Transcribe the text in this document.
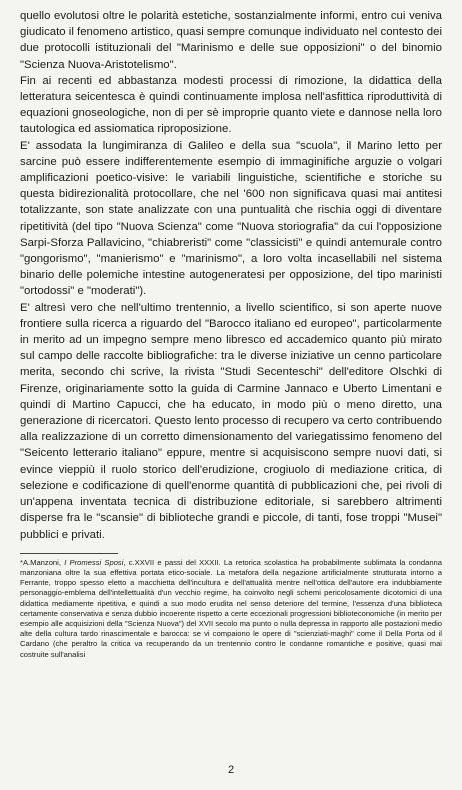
quello evolutosi oltre le polarità estetiche, sostanzialmente informi, entro cui veniva giudicato il fenomeno artistico, quasi sempre comunque individuato nel contesto dei due protocolli istituzionali del "Marinismo e delle sue opposizioni" o del binomio "Scienza Nuova-Aristotelismo".

Fin ai recenti ed abbastanza modesti processi di rimozione, la didattica della letteratura seicentesca è quindi continuamente implosa nell'asfittica riproduttività di equazioni gnoseologiche, non di per sè improprie quanto viete e dannose nella loro tautologica ed assiomatica riproposizione.

E' assodata la lungimiranza di Galileo e della sua "scuola", il Marino letto per sarcine può essere indifferentemente esempio di immaginifiche arguzie o volgari amplificazioni poetico-visive: le variabili linguistiche, scientifiche e storiche su questa bidirezionalità protocollare, che nel '600 non significava quasi mai antitesi totalizzante, son state analizzate con una puntualità che rischia oggi di diventare ripetitività (del tipo "Nuova Scienza" come "Nuova storiografia" da cui l'opposizione Sarpi-Sforza Pallavicino, "chiabreristi" come "classicisti" e quindi antemurale contro "gongorismo", "manierismo" e "marinismo", a loro volta incasellabili nel sistema binario delle polemiche intestine autogeneratesi per opposizione, del tipo marinisti "ortodossi" e "moderati").

E' altresì vero che nell'ultimo trentennio, a livello scientifico, si son aperte nuove frontiere sulla ricerca a riguardo del "Barocco italiano ed europeo", particolarmente in merito ad un impegno sempre meno libresco ed accademico quanto più mirato sul campo delle raccolte bibliografiche: tra le diverse iniziative un cenno particolare merita, secondo chi scrive, la rivista "Studi Secenteschi" dell'editore Olschki di Firenze, originariamente sotto la guida di Carmine Jannaco e Uberto Limentani e quindi di Martino Capucci, che ha educato, in modo più o meno diretto, una generazione di ricercatori. Questo lento processo di recupero va certo contribuendo alla realizzazione di un corretto dimensionamento del variegatissimo fenomeno del "Seicento letterario italiano" eppure, mentre si acquisiscono sempre nuovi dati, si evince vieppiù il ruolo storico dell'erudizione, crogiuolo di mediazione critica, di selezione e codificazione di quell'enorme quantità di pubblicazioni che, pei rivoli di un'appena inventata tecnica di distribuzione editoriale, si sarebbero altrimenti disperse fra le "scansie" di biblioteche grandi e piccole, di tanti, fose troppi "Musei" pubblici e privati.

*A.Manzoni, I Promessi Sposi, c.XXVII e passi del XXXII. La retorica scolastica ha probabilmente sublimata la condanna manzoniana oltre la sua effettiva portata etico-sociale. La metafora della negazione artificialmente strutturata intorno a Ferrante, troppo spesso eletto a macchietta dell'incultura e dell'attualità mentre nell'ottica dell'autore era indubbiamente personaggio-emblema dell'intellettualità d'un vecchio regime, ha coinvolto negli schemi pericolosamente dicotomici di una didattica mediamente ripetitiva, e quindi a suo modo erudita nel senso deteriore del termine, l'essenza d'una biblioteca certamente conservativa e senza dubbio incoerente rispetto a certe eccezionali progressioni biblioteconomiche (in merito per esempio alle acquisizioni della "Scienza Nuova") del XVII secolo ma punto o nulla depressa in rapporto alle postazioni medio alte della cultura tardo rinascimentale e barocca: se vi compaiono le opere di "scienziati-maghi" come il Della Porta od il Cardano (che peraltro la critica va recuperando da un trentennio contro le condanne romantiche e positive, quasi mai costruite sull'analisi

2
